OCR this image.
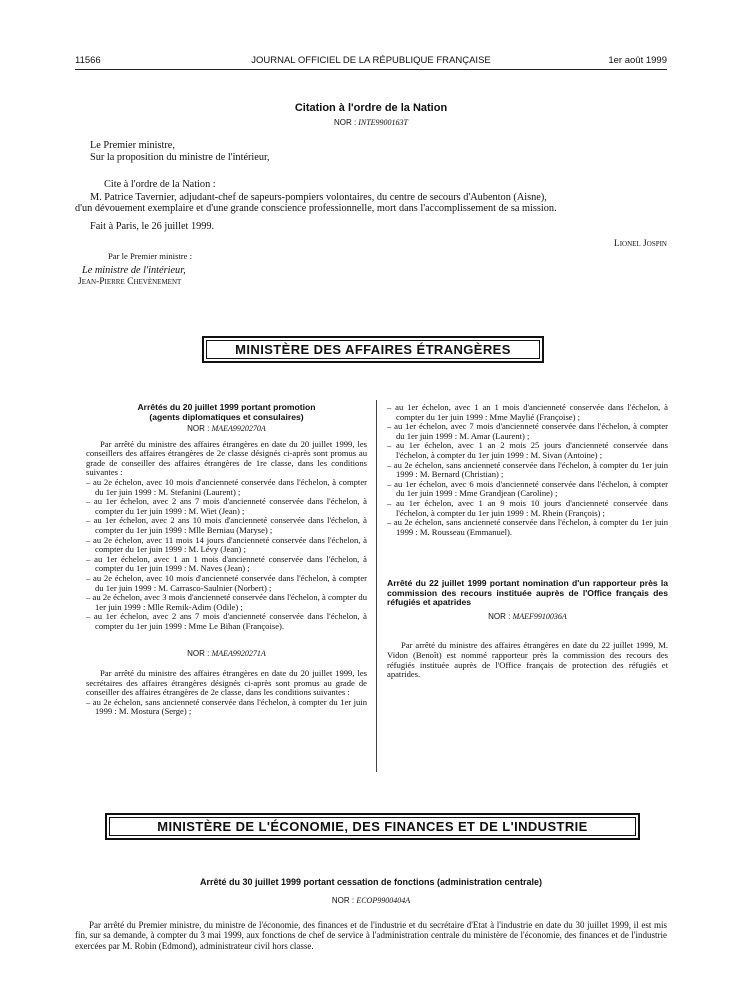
11566	JOURNAL OFFICIEL DE LA RÉPUBLIQUE FRANÇAISE	1er août 1999
Citation à l'ordre de la Nation
NOR : INTE9900163T
Le Premier ministre,
Sur la proposition du ministre de l'intérieur,
Cite à l'ordre de la Nation :
M. Patrice Tavernier, adjudant-chef de sapeurs-pompiers volontaires, du centre de secours d'Aubenton (Aisne),
d'un dévouement exemplaire et d'une grande conscience professionnelle, mort dans l'accomplissement de sa mission.
Fait à Paris, le 26 juillet 1999.
Lionel Jospin
Par le Premier ministre :
Le ministre de l'intérieur,
Jean-Pierre Chevènement
MINISTÈRE DES AFFAIRES ÉTRANGÈRES
Arrêtés du 20 juillet 1999 portant promotion
(agents diplomatiques et consulaires)
NOR : MAEA9920270A

Par arrêté du ministre des affaires étrangères en date du 20 juillet 1999, les conseillers des affaires étrangères de 2e classe désignés ci-après sont promus au grade de conseiller des affaires étrangères de 1re classe, dans les conditions suivantes :

– au 2e échelon, avec 10 mois d'ancienneté conservée dans l'échelon, à compter du 1er juin 1999 : M. Stefanini (Laurent) ;
– au 1er échelon, avec 2 ans 7 mois d'ancienneté conservée dans l'échelon, à compter du 1er juin 1999 : M. Wiet (Jean) ;
– au 1er échelon, avec 2 ans 10 mois d'ancienneté conservée dans l'échelon, à compter du 1er juin 1999 : Mlle Berniau (Maryse) ;
– au 2e échelon, avec 11 mois 14 jours d'ancienneté conservée dans l'échelon, à compter du 1er juin 1999 : M. Lévy (Jean) ;
– au 1er échelon, avec 1 an 1 mois d'ancienneté conservée dans l'échelon, à compter du 1er juin 1999 : M. Naves (Jean) ;
– au 2e échelon, avec 10 mois d'ancienneté conservée dans l'échelon, à compter du 1er juin 1999 : M. Carrasco-Saulnier (Norbert) ;
– au 2e échelon, avec 3 mois d'ancienneté conservée dans l'échelon, à compter du 1er juin 1999 : Mlle Remik-Adim (Odile) ;
– au 1er échelon, avec 2 ans 7 mois d'ancienneté conservée dans l'échelon, à compter du 1er juin 1999 : Mme Le Bihan (Françoise).
NOR : MAEA9920271A

Par arrêté du ministre des affaires étrangères en date du 20 juillet 1999, les secrétaires des affaires étrangères désignés ci-après sont promus au grade de conseiller des affaires étrangères de 2e classe, dans les conditions suivantes :

– au 2e échelon, sans ancienneté conservée dans l'échelon, à compter du 1er juin 1999 : M. Mostura (Serge) ;
– au 1er échelon, avec 1 an 1 mois d'ancienneté conservée dans l'échelon, à compter du 1er juin 1999 : Mme Maylié (Françoise) ;
– au 1er échelon, avec 7 mois d'ancienneté conservée dans l'échelon, à compter du 1er juin 1999 : M. Amar (Laurent) ;
– au 1er échelon, avec 1 an 2 mois 25 jours d'ancienneté conservée dans l'échelon, à compter du 1er juin 1999 : M. Sivan (Antoine) ;
– au 2e échelon, sans ancienneté conservée dans l'échelon, à compter du 1er juin 1999 : M. Bernard (Christian) ;
– au 1er échelon, avec 6 mois d'ancienneté conservée dans l'échelon, à compter du 1er juin 1999 : Mme Grandjean (Caroline) ;
– au 1er échelon, avec 1 an 9 mois 10 jours d'ancienneté conservée dans l'échelon, à compter du 1er juin 1999 : M. Rhein (François) ;
– au 2e échelon, sans ancienneté conservée dans l'échelon, à compter du 1er juin 1999 : M. Rousseau (Emmanuel).
Arrêté du 22 juillet 1999 portant nomination d'un rapporteur près la commission des recours instituée auprès de l'Office français des réfugiés et apatrides
NOR : MAEF9910036A

Par arrêté du ministre des affaires étrangères en date du 22 juillet 1999, M. Vidon (Benoît) est nommé rapporteur près la commission des recours des réfugiés instituée auprès de l'Office français de protection des réfugiés et apatrides.

MINISTÈRE DE L'ÉCONOMIE, DES FINANCES ET DE L'INDUSTRIE
Arrêté du 30 juillet 1999 portant cessation de fonctions (administration centrale)
NOR : ECOP9900404A

Par arrêté du Premier ministre, du ministre de l'économie, des finances et de l'industrie et du secrétaire d'Etat à l'industrie en date du 30 juillet 1999, il est mis fin, sur sa demande, à compter du 3 mai 1999, aux fonctions de chef de service à l'administration centrale du ministère de l'économie, des finances et de l'industrie exercées par M. Robin (Edmond), administrateur civil hors classe.
